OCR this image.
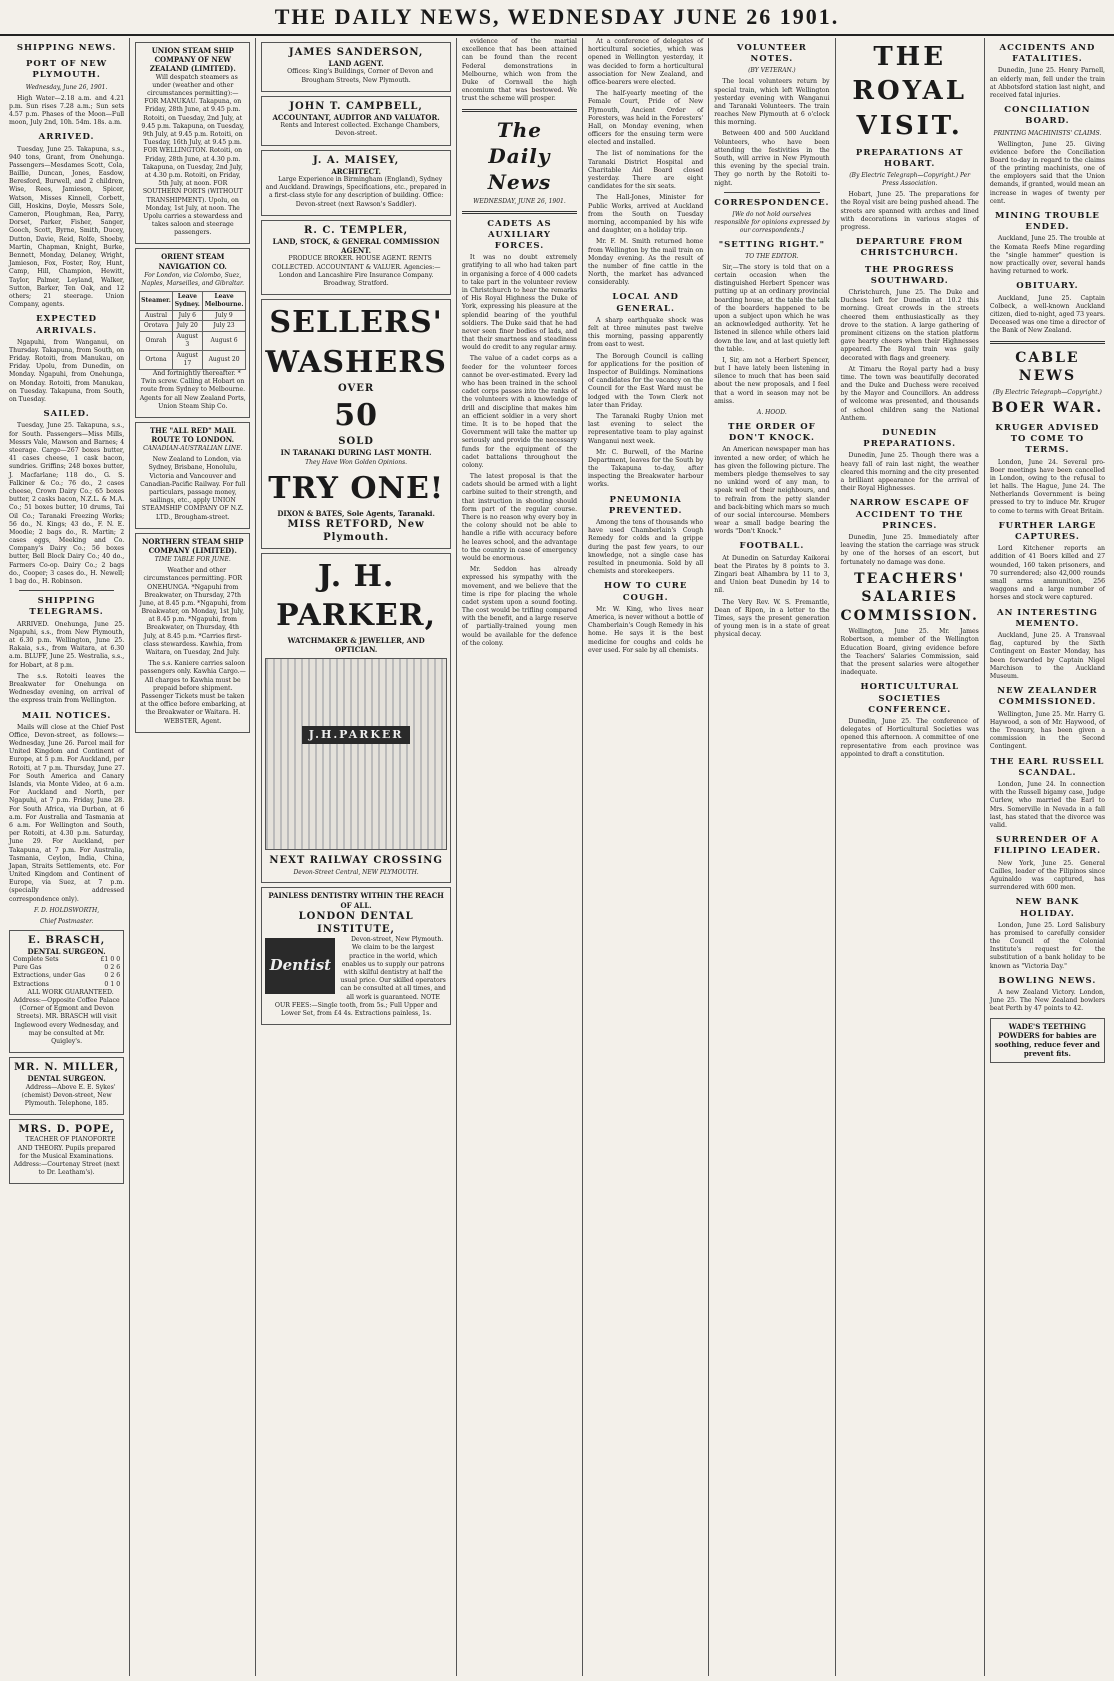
THE DAILY NEWS, WEDNESDAY JUNE 26 1901.
SHIPPING NEWS.
PORT OF NEW PLYMOUTH.
Wednesday, June 26, 1901.

High Water—2.18 a.m. and 4.21 p.m. Sun rises 7.28 a.m.; Sun sets 4.57 p.m. Phases of the Moon—Full moon, July 2nd, 10h. 54m. 18s. a.m.

ARRIVED.

Tuesday, June 25. Takapuna, s.s., 940 tons, Grant, from Onehunga. Passengers—Mesdames Scott, Cola, Baillie, Duncan, Jones, Easdow, Beresford, Burwell, and 2 children, Wise, Rees, Jamieson, Spicer, Watson, Misses Kinnell, Corbett, Gill, Hoskins, Doyle, Messrs Sole, Cameron, Ploughman, Rea, Parry, Dorset, Parker, Fisher, Sanger, Gooch, Scott, Byrne, Smith, Ducey, Dutton, Davie, Reid, Rolfe, Shoeby, Martin, Chapman, Knight, Burke, Bennett, Monday, Delaney, Wright, Jamieson, Fox, Foster, Roy, Hunt, Camp, Hill, Champion, Hewitt, Taylor, Palmer, Leyland, Walker, Sutton, Barker, Ten Oak, and 12 others; 21 steerage. Union Company, agents.

EXPECTED ARRIVALS.

Ngapuhi, from Wanganui, on Thursday. Takapuna, from South, on Friday. Rotoiti, from Manukau, on Friday. Upolu, from Dunedin, on Monday. Ngapuhi, from Onehunga, on Monday. Rotoiti, from Manukau, on Tuesday. Takapuna, from South, on Tuesday.

SAILED.

Tuesday, June 25. Takapuna, s.s., for South. Passengers—Miss Mills, Messrs Vale, Mawson and Barnes; 4 steerage. Cargo—267 boxes butter, 41 cases cheese, 1 cask bacon, sundries. Griffins; 248 boxes butter, J. Macfarlane; 118 do., G. S. Falkiner & Co.; 76 do., 2 cases cheese, Crown Dairy Co.; 65 boxes butter, 2 casks bacon, N.Z.L. & M.A. Co.; 51 boxes butter, 10 drums, Tai Oil Co.; Taranaki Freezing Works; 56 do., N. Kings; 43 do., F. N. E. Moodie; 2 bags do., R. Martin; 2 cases eggs, Meeking and Co. Company's Dairy Co.; 56 boxes butter, Bell Block Dairy Co.; 40 do., Farmers Co-op. Dairy Co.; 2 bags do., Cooper; 3 cases do., H. Newell; 1 bag do., H. Robinson.

SHIPPING TELEGRAMS.

ARRIVED. Onehunga, June 25. Ngapuhi, s.s., from New Plymouth, at 6.30 p.m. Wellington, June 25. Rakaia, s.s., from Waitara, at 6.30 a.m. BLUFF, June 25. Westralia, s.s., for Hobart, at 8 p.m.

The s.s. Rotoiti leaves the Breakwater for Onehunga on Wednesday evening, on arrival of the express train from Wellington.

MAIL NOTICES.

Mails will close at the Chief Post Office, Devon-street, as follows:— Wednesday, June 26. Parcel mail for United Kingdom and Continent of Europe, at 5 p.m. For Auckland, per Rotoiti, at 7 p.m. Thursday, June 27. For South America and Canary Islands, via Monte Video, at 6 a.m. For Auckland and North, per Ngapuhi, at 7 p.m. Friday, June 28. For South Africa, via Durban, at 6 a.m. For Australia and Tasmania at 6 a.m. For Wellington and South, per Rotoiti, at 4.30 p.m. Saturday, June 29. For Auckland, per Takapuna, at 7 p.m. For Australia, Tasmania, Ceylon, India, China, Japan, Straits Settlements, etc. For United Kingdom and Continent of Europe, via Suez, at 7 p.m. (specially addressed correspondence only).

F. D. HOLDSWORTH,
Chief Postmaster.
E. BRASCH,
DENTAL SURGEON.
Complete Sets	£1 0 0
Pure Gas	0 2 6
Extractions, under Gas	0 2 6
Extractions	0 1 0

ALL WORK GUARANTEED. Address:—Opposite Coffee Palace (Corner of Egmont and Devon Streets). MR. BRASCH will visit Inglewood every Wednesday, and may be consulted at Mr. Quigley's.

MR. N. MILLER,
DENTAL SURGEON.

Address—Above E. E. Sykes' (chemist) Devon-street, New Plymouth. Telephone, 185.

MRS. D. POPE,

TEACHER OF PIANOFORTE AND THEORY. Pupils prepared for the Musical Examinations. Address:—Courtenay Street (next to Dr. Leatham's).

UNION STEAM SHIP COMPANY OF NEW ZEALAND (LIMITED).

Will despatch steamers as under (weather and other circumstances permitting):— FOR MANUKAU. Takapuna, on Friday, 28th June, at 9.45 p.m. Rotoiti, on Tuesday, 2nd July, at 9.45 p.m. Takapuna, on Tuesday, 9th July, at 9.45 p.m. Rotoiti, on Tuesday, 16th July, at 9.45 p.m. FOR WELLINGTON. Rotoiti, on Friday, 28th June, at 4.30 p.m. Takapuna, on Tuesday, 2nd July, at 4.30 p.m. Rotoiti, on Friday, 5th July, at noon. FOR SOUTHERN PORTS (WITHOUT TRANSHIPMENT). Upolu, on Monday, 1st July, at noon. The Upolu carries a stewardess and takes saloon and steerage passengers.

ORIENT STEAM NAVIGATION CO.
For London, via Colombo, Suez, Naples, Marseilles, and Gibraltar.
Steamer.	Leave Sydney.	Leave Melbourne.
Austral	July 6	July 9
Orotava	July 20	July 23
Omrah	August 3	August 6
Ortona	August 17	August 20

And fortnightly thereafter. * Twin screw. Calling at Hobart on route from Sydney to Melbourne. Agents for all New Zealand Ports, Union Steam Ship Co.

THE "ALL RED" MAIL ROUTE TO LONDON.
CANADIAN-AUSTRALIAN LINE.

New Zealand to London, via Sydney, Brisbane, Honolulu, Victoria and Vancouver and Canadian-Pacific Railway. For full particulars, passage money, sailings, etc., apply UNION STEAMSHIP COMPANY OF N.Z. LTD., Brougham-street.

NORTHERN STEAM SHIP COMPANY (LIMITED).
TIME TABLE FOR JUNE.

Weather and other circumstances permitting. FOR ONEHUNGA. *Ngapuhi from Breakwater, on Thursday, 27th June, at 8.45 p.m. *Ngapuhi, from Breakwater, on Monday, 1st July, at 8.45 p.m. *Ngapuhi, from Breakwater, on Thursday, 4th July, at 8.45 p.m. *Carries first-class stewardess. Kawhia, from Waitara, on Tuesday, 2nd July.

The s.s. Kaniere carries saloon passengers only. Kawhia Cargo.—All charges to Kawhia must be prepaid before shipment. Passenger Tickets must be taken at the office before embarking, at the Breakwater or Waitara. H. WEBSTER, Agent.

JAMES SANDERSON,
LAND AGENT.

Offices: King's Buildings, Corner of Devon and Brougham Streets, New Plymouth.

JOHN T. CAMPBELL,
ACCOUNTANT, AUDITOR AND VALUATOR.

Rents and Interest collected. Exchange Chambers, Devon-street.

J. A. MAISEY,
ARCHITECT.

Large Experience in Birmingham (England), Sydney and Auckland. Drawings, Specifications, etc., prepared in a first-class style for any description of building. Office: Devon-street (next Rawson's Saddler).

R. C. TEMPLER,
LAND, STOCK, & GENERAL COMMISSION AGENT.

PRODUCE BROKER. HOUSE AGENT. RENTS COLLECTED. ACCOUNTANT & VALUER. Agencies:— London and Lancashire Fire Insurance Company. Broadway, Stratford.

SELLERS'
WASHERS
OVER
50
SOLD
IN TARANAKI DURING LAST MONTH.
They Have Won Golden Opinions.
TRY ONE!
DIXON & BATES, Sole Agents, Taranaki.
MISS RETFORD, New Plymouth.
J. H. PARKER,
WATCHMAKER & JEWELLER, AND OPTICIAN.
J.H.PARKER
NEXT RAILWAY CROSSING
Devon-Street Central, NEW PLYMOUTH.
PAINLESS DENTISTRY WITHIN THE REACH OF ALL.
LONDON DENTAL INSTITUTE,
Dentist

Devon-street, New Plymouth. We claim to be the largest practice in the world, which enables us to supply our patrons with skilful dentistry at half the usual price. Our skilled operators can be consulted at all times, and all work is guaranteed. NOTE OUR FEES:—Single tooth, from 5s.; Full Upper and Lower Set, from £4 4s. Extractions painless, 1s.

evidence of the martial excellence that has been attained can be found than the recent Federal demonstrations in Melbourne, which won from the Duke of Cornwall the high encomium that was bestowed. We trust the scheme will prosper.

The Daily News
WEDNESDAY, JUNE 26, 1901.
CADETS AS AUXILIARY FORCES.

It was no doubt extremely gratifying to all who had taken part in organising a force of 4 000 cadets to take part in the volunteer review in Christchurch to hear the remarks of His Royal Highness the Duke of York, expressing his pleasure at the splendid bearing of the youthful soldiers. The Duke said that he had never seen finer bodies of lads, and that their smartness and steadiness would do credit to any regular army.

The value of a cadet corps as a feeder for the volunteer forces cannot be over-estimated. Every lad who has been trained in the school cadet corps passes into the ranks of the volunteers with a knowledge of drill and discipline that makes him an efficient soldier in a very short time. It is to be hoped that the Government will take the matter up seriously and provide the necessary funds for the equipment of the cadet battalions throughout the colony.

The latest proposal is that the cadets should be armed with a light carbine suited to their strength, and that instruction in shooting should form part of the regular course. There is no reason why every boy in the colony should not be able to handle a rifle with accuracy before he leaves school, and the advantage to the country in case of emergency would be enormous.

Mr. Seddon has already expressed his sympathy with the movement, and we believe that the time is ripe for placing the whole cadet system upon a sound footing. The cost would be trifling compared with the benefit, and a large reserve of partially-trained young men would be available for the defence of the colony.

At a conference of delegates of horticultural societies, which was opened in Wellington yesterday, it was decided to form a horticultural association for New Zealand, and office-bearers were elected.

The half-yearly meeting of the Female Court, Pride of New Plymouth, Ancient Order of Foresters, was held in the Foresters' Hall, on Monday evening, when officers for the ensuing term were elected and installed.

The list of nominations for the Taranaki District Hospital and Charitable Aid Board closed yesterday. There are eight candidates for the six seats.

The Hall-Jones, Minister for Public Works, arrived at Auckland from the South on Tuesday morning, accompanied by his wife and daughter, on a holiday trip.

Mr. F. M. Smith returned home from Wellington by the mail train on Monday evening. As the result of the number of fine cattle in the North, the market has advanced considerably.

LOCAL AND GENERAL.

A sharp earthquake shock was felt at three minutes past twelve this morning, passing apparently from east to west.

The Borough Council is calling for applications for the position of Inspector of Buildings. Nominations of candidates for the vacancy on the Council for the East Ward must be lodged with the Town Clerk not later than Friday.

The Taranaki Rugby Union met last evening to select the representative team to play against Wanganui next week.

Mr. C. Burwell, of the Marine Department, leaves for the South by the Takapuna to-day, after inspecting the Breakwater harbour works.

PNEUMONIA PREVENTED.

Among the tens of thousands who have used Chamberlain's Cough Remedy for colds and la grippe during the past few years, to our knowledge, not a single case has resulted in pneumonia. Sold by all chemists and storekeepers.

HOW TO CURE COUGH.

Mr. W. King, who lives near America, is never without a bottle of Chamberlain's Cough Remedy in his home. He says it is the best medicine for coughs and colds he ever used. For sale by all chemists.

VOLUNTEER NOTES.
(BY VETERAN.)

The local volunteers return by special train, which left Wellington yesterday evening with Wanganui and Taranaki Volunteers. The train reaches New Plymouth at 6 o'clock this morning.

Between 400 and 500 Auckland Volunteers, who have been attending the festivities in the South, will arrive in New Plymouth this evening by the special train. They go north by the Rotoiti to-night.

CORRESPONDENCE.
[We do not hold ourselves responsible for opinions expressed by our correspondents.]
"SETTING RIGHT."
TO THE EDITOR.

Sir,—The story is told that on a certain occasion when the distinguished Herbert Spencer was putting up at an ordinary provincial boarding house, at the table the talk of the boarders happened to be upon a subject upon which he was an acknowledged authority. Yet he listened in silence while others laid down the law, and at last quietly left the table.

I, Sir, am not a Herbert Spencer, but I have lately been listening in silence to much that has been said about the new proposals, and I feel that a word in season may not be amiss.

A. HOOD.
THE ORDER OF DON'T KNOCK.

An American newspaper man has invented a new order, of which he has given the following picture. The members pledge themselves to say no unkind word of any man, to speak well of their neighbours, and to refrain from the petty slander and back-biting which mars so much of our social intercourse. Members wear a small badge bearing the words "Don't Knock."

FOOTBALL.

At Dunedin on Saturday Kaikorai beat the Pirates by 8 points to 3. Zingari beat Alhambra by 11 to 3, and Union beat Dunedin by 14 to nil.

The Very Rev. W. S. Fremantle, Dean of Ripon, in a letter to the Times, says the present generation of young men is in a state of great physical decay.

THE ROYAL VISIT.
PREPARATIONS AT HOBART.
(By Electric Telegraph—Copyright.) Per Press Association.

Hobart, June 25. The preparations for the Royal visit are being pushed ahead. The streets are spanned with arches and lined with decorations in various stages of progress.

DEPARTURE FROM CHRISTCHURCH.
THE PROGRESS SOUTHWARD.

Christchurch, June 25. The Duke and Duchess left for Dunedin at 10.2 this morning. Great crowds in the streets cheered them enthusiastically as they drove to the station. A large gathering of prominent citizens on the station platform gave hearty cheers when their Highnesses appeared. The Royal train was gaily decorated with flags and greenery.

At Timaru the Royal party had a busy time. The town was beautifully decorated and the Duke and Duchess were received by the Mayor and Councillors. An address of welcome was presented, and thousands of school children sang the National Anthem.

DUNEDIN PREPARATIONS.

Dunedin, June 25. Though there was a heavy fall of rain last night, the weather cleared this morning and the city presented a brilliant appearance for the arrival of their Royal Highnesses.

NARROW ESCAPE OF ACCIDENT TO THE PRINCES.

Dunedin, June 25. Immediately after leaving the station the carriage was struck by one of the horses of an escort, but fortunately no damage was done.

TEACHERS' SALARIES COMMISSION.

Wellington, June 25. Mr. James Robertson, a member of the Wellington Education Board, giving evidence before the Teachers' Salaries Commission, said that the present salaries were altogether inadequate.

HORTICULTURAL SOCIETIES CONFERENCE.

Dunedin, June 25. The conference of delegates of Horticultural Societies was opened this afternoon. A committee of one representative from each province was appointed to draft a constitution.

ACCIDENTS AND FATALITIES.

Dunedin, June 25. Henry Parnell, an elderly man, fell under the train at Abbotsford station last night, and received fatal injuries.

CONCILIATION BOARD.
PRINTING MACHINISTS' CLAIMS.

Wellington, June 25. Giving evidence before the Conciliation Board to-day in regard to the claims of the printing machinists, one of the employers said that the Union demands, if granted, would mean an increase in wages of twenty per cent.

MINING TROUBLE ENDED.

Auckland, June 25. The trouble at the Komata Reefs Mine regarding the "single hammer" question is now practically over, several hands having returned to work.

OBITUARY.

Auckland, June 25. Captain Colbeck, a well-known Auckland citizen, died to-night, aged 73 years. Deceased was one time a director of the Bank of New Zealand.

CABLE NEWS
(By Electric Telegraph—Copyright.)
BOER WAR.
KRUGER ADVISED TO COME TO TERMS.

London, June 24. Several pro-Boer meetings have been cancelled in London, owing to the refusal to let halls. The Hague, June 24. The Netherlands Government is being pressed to try to induce Mr. Kruger to come to terms with Great Britain.

FURTHER LARGE CAPTURES.

Lord Kitchener reports an addition of 41 Boers killed and 27 wounded, 160 taken prisoners, and 70 surrendered; also 42,000 rounds small arms ammunition, 256 waggons and a large number of horses and stock were captured.

AN INTERESTING MEMENTO.

Auckland, June 25. A Transvaal flag, captured by the Sixth Contingent on Easter Monday, has been forwarded by Captain Nigel Marchison to the Auckland Museum.

NEW ZEALANDER COMMISSIONED.

Wellington, June 25. Mr. Harry G. Haywood, a son of Mr. Haywood, of the Treasury, has been given a commission in the Second Contingent.

THE EARL RUSSELL SCANDAL.

London, June 24. In connection with the Russell bigamy case, Judge Curlew, who married the Earl to Mrs. Somerville in Nevada in a fall last, has stated that the divorce was valid.

SURRENDER OF A FILIPINO LEADER.

New York, June 25. General Cailles, leader of the Filipinos since Aguinaldo was captured, has surrendered with 600 men.

NEW BANK HOLIDAY.

London, June 25. Lord Salisbury has promised to carefully consider the Council of the Colonial Institute's request for the substitution of a bank holiday to be known as "Victoria Day."

BOWLING NEWS.

A new Zealand Victory. London, June 25. The New Zealand bowlers beat Perth by 47 points to 42.

WADE'S TEETHING POWDERS for babies are soothing, reduce fever and prevent fits.
